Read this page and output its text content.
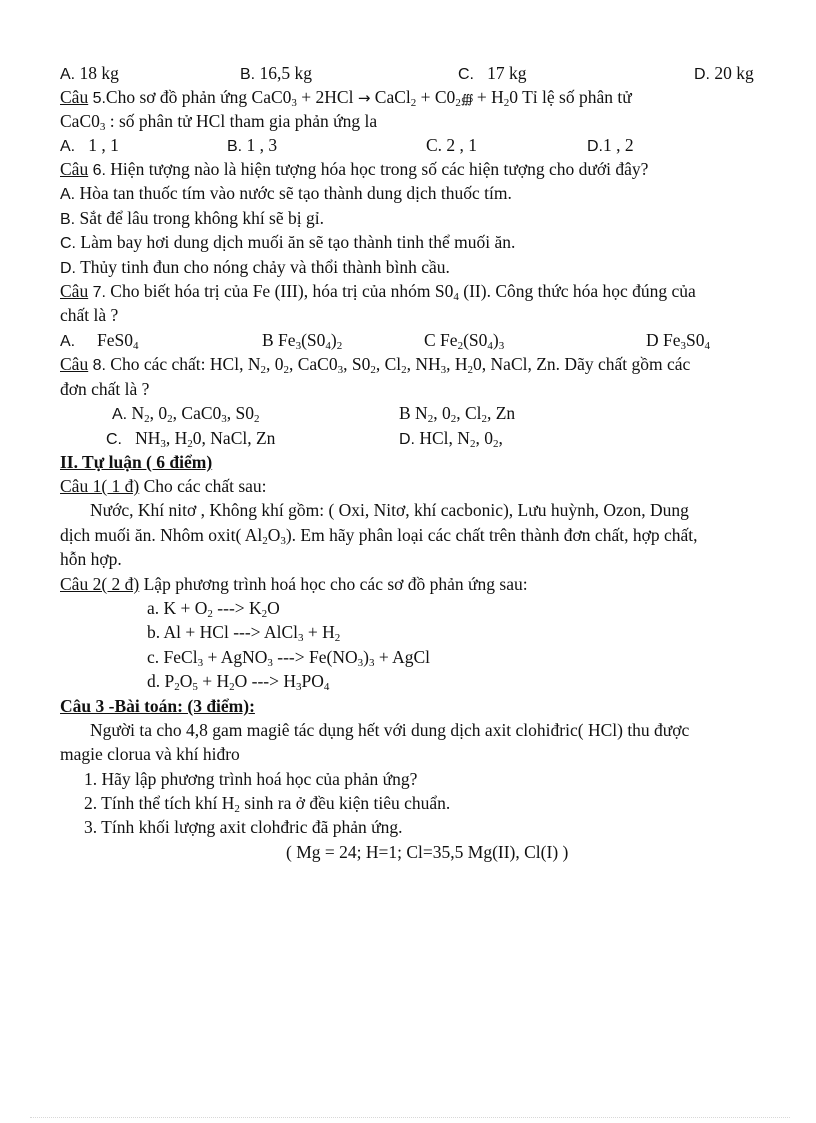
A. 18 kg	B. 16,5 kg	C. 17 kg	D. 20 kg
Câu 5.Cho sơ đồ phản ứng $CaC0_3 + 2HCl$ → CaCl$_2$ + $C0_2∰ + H_20$ Tỉ lệ số phân tử
$CaC0_3$ : số phân tử HCl tham gia phản ứng la
A. 1 , 1	B. 1 , 3	C. 2 , 1	D.1 , 2
Câu 6. Hiện tượng nào là hiện tượng hóa học trong số các hiện tượng cho dưới đây?
A. Hòa tan thuốc tím vào nước sẽ tạo thành dung dịch thuốc tím.
B. Sắt để lâu trong không khí sẽ bị gỉ.
C. Làm bay hơi dung dịch muối ăn sẽ tạo thành tinh thể muối ăn.
D. Thủy tinh đun cho nóng chảy và thổi thành bình cầu.
Câu 7. Cho biết hóa trị của Fe (III), hóa trị của nhóm $S0_4$ (II). Công thức hóa học đúng của
chất là ?
A. $FeS0_4$	B $Fe_3(S0_4)_2$	C $Fe_2(S0_4)_3$	D $Fe_3S0_4$
Câu 8. Cho các chất: HCl, $N_2$, $0_2$, $CaC0_3$, $S0_2$, $Cl_2$, $NH_3$, $H_20$, NaCl, Zn. Dãy chất gồm các
đơn chất là ?
A. $N_2$, $0_2$, $CaC0_3$, $S0_2$	B $N_2$, $0_2$, $Cl_2$, Zn
C.   $NH_3$, $H_20$, NaCl, Zn	D. HCl, $N_2$, $0_2$,
II. Tự luận ( 6 điểm)
Câu 1( 1 đ) Cho các chất sau:
Nước, Khí nitơ , Không khí gồm: ( Oxi, Nitơ, khí cacbonic), Lưu huỳnh, Ozon, Dung
dịch muối ăn. Nhôm oxit( $Al_2O_3$). Em hãy phân loại các chất trên thành đơn chất, hợp chất,
hỗn hợp.
Câu 2( 2 đ) Lập phương trình hoá học cho các sơ đồ phản ứng sau:
a. $K + O_2$ ---> $K_2O$
b. Al + HCl ---> AlCl$_3$ + $H_2$
c. FeCl$_3$ + AgNO$_3$ ---> $Fe(NO_3)_3$ + AgCl
d. $P_2O_5 + H_2O$ ---> $H_3PO_4$
Câu 3 -Bài toán: (3 điểm):
Người ta cho 4,8 gam magiê tác dụng hết với dung dịch axit clohiđric( HCl) thu được
magie clorua và khí hiđro
1. Hãy lập phương trình hoá học của phản ứng?
2. Tính thể tích khí $H_2$ sinh ra ở đều kiện tiêu chuẩn.
3. Tính khối lượng axit clohđric đã phản ứng.
( Mg = 24; H=1; Cl=35,5 Mg(II), Cl(I) )
